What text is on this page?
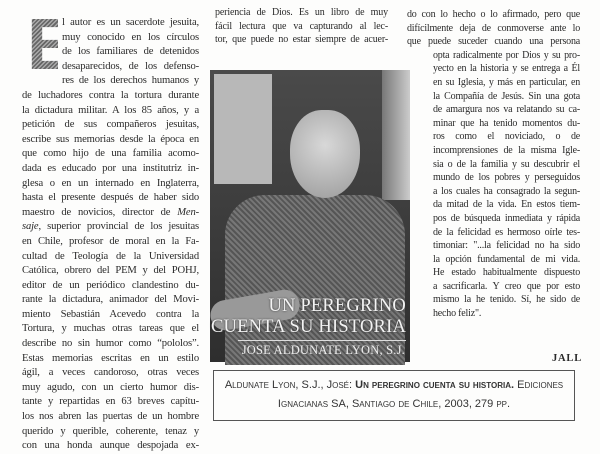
E
l autor es un sacerdote jesuita,
muy conocido en los círculos
de los familiares de detenidos
desaparecidos, de los defenso-
res de los derechos humanos y
de luchadores contra la tortura durante
la dictadura militar. A los 85 años, y a
petición de sus compañeros jesuitas,
escribe sus memorias desde la época en
que como hijo de una familia acomo-
dada es educado por una institutriz in-
glesa o en un internado en Inglaterra,
hasta el presente después de haber sido
maestro de novicios, director de Men-
saje, superior provincial de los jesuitas
en Chile, profesor de moral en la Fa-
cultad de Teología de la Universidad
Católica, obrero del PEM y del POHJ,
editor de un periódico clandestino du-
rante la dictadura, animador del Movi-
miento Sebastián Acevedo contra la
Tortura, y muchas otras tareas que el
describe no sin humor como “pololos”.
Estas memorias escritas en un estilo
ágil, a veces candoroso, otras veces
muy agudo, con un cierto humor dis-
tante y repartidas en 63 breves capítu-
los nos abren las puertas de un hombre
querido y querible, coherente, tenaz y
con una honda aunque despojada ex-
periencia de Dios. Es un libro de muy
fácil lectura que va capturando al lec-
tor, que puede no estar siempre de acuer-
UN PEREGRINO
CUENTA SU HISTORIA
JOSE ALDUNATE LYON, S.J.
do con lo hecho o lo afirmado, pero que
difícilmente deja de conmoverse ante lo
que puede suceder cuando una persona
opta radicalmente por Dios y su pro-
yecto en la historia y se entrega a Él
en su Iglesia, y más en particular, en
la Compañía de Jesús. Sin una gota
de amargura nos va relatando su ca-
minar que ha tenido momentos du-
ros como el noviciado, o de
incomprensiones de la misma Igle-
sia o de la familia y su descubrir el
mundo de los pobres y perseguidos
a los cuales ha consagrado la segun-
da mitad de la vida. En estos tiem-
pos de búsqueda inmediata y rápida
de la felicidad es hermoso oírle tes-
timoniar: "...la felicidad no ha sido
la opción fundamental de mi vida.
He estado habitualmente dispuesto
a sacrificarla. Y creo que por esto
mismo la he tenido. Sí, he sido de
hecho feliz".
JALL
Aldunate Lyon, S.J., José: Un peregrino cuenta su historia. Ediciones
Ignacianas SA, Santiago de Chile, 2003, 279 pp.
